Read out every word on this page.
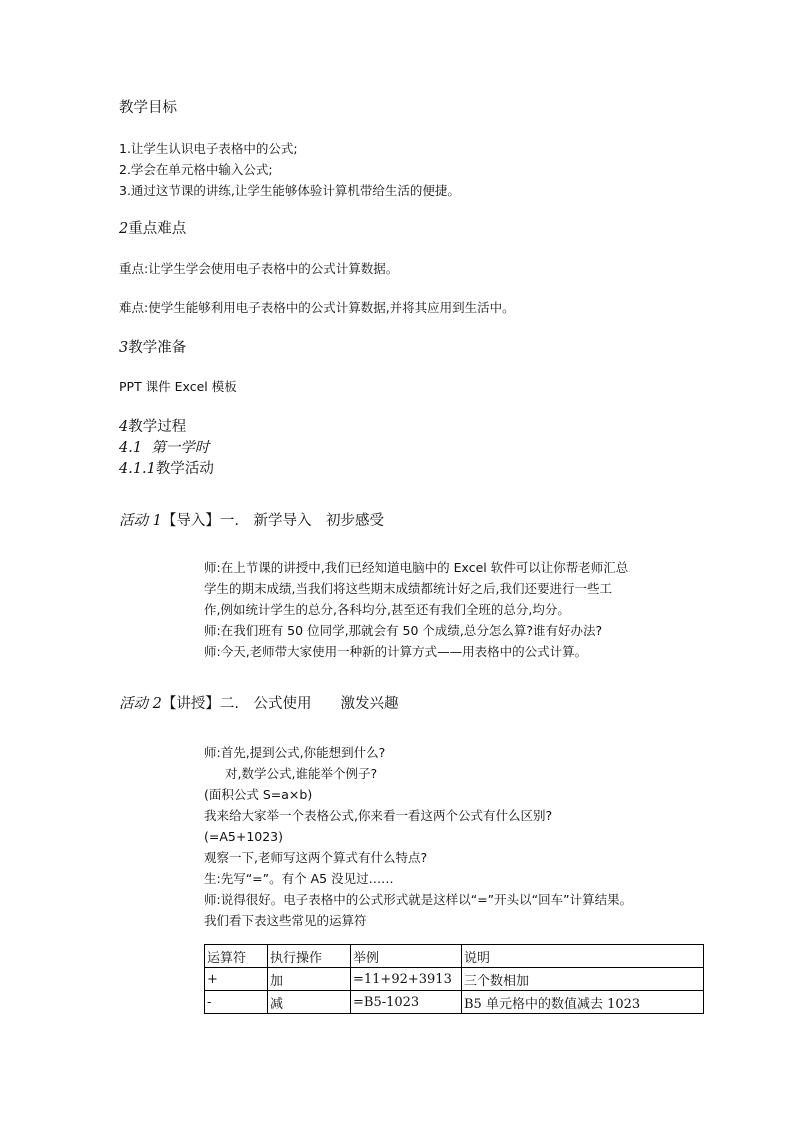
教学目标
1.让学生认识电子表格中的公式;
2.学会在单元格中输入公式;
3.通过这节课的讲练,让学生能够体验计算机带给生活的便捷。
2重点难点
重点:让学生学会使用电子表格中的公式计算数据。
难点:使学生能够利用电子表格中的公式计算数据,并将其应用到生活中。
3教学准备
PPT 课件 Excel 模板
4教学过程
4.1 第一学时
4.1.1教学活动
活动 1【导入】一.　新学导入　初步感受
师:在上节课的讲授中,我们已经知道电脑中的 Excel 软件可以让你帮老师汇总
学生的期末成绩,当我们将这些期末成绩都统计好之后,我们还要进行一些工
作,例如统计学生的总分,各科均分,甚至还有我们全班的总分,均分。
师:在我们班有 50 位同学,那就会有 50 个成绩,总分怎么算?谁有好办法?
师:今天,老师带大家使用一种新的计算方式——用表格中的公式计算。
活动 2【讲授】二.　公式使用　　激发兴趣
师:首先,提到公式,你能想到什么?
对,数学公式,谁能举个例子?
(面积公式 S=a×b)
我来给大家举一个表格公式,你来看一看这两个公式有什么区别?
(=A5+1023)
观察一下,老师写这两个算式有什么特点?
生:先写“=”。有个 A5 没见过……
师:说得很好。电子表格中的公式形式就是这样以“=”开头以“回车”计算结果。
我们看下表这些常见的运算符
运算符	执行操作	举例	说明
+	加	=11+92+3913	三个数相加
-	减	=B5-1023	B5 单元格中的数值减去 1023
